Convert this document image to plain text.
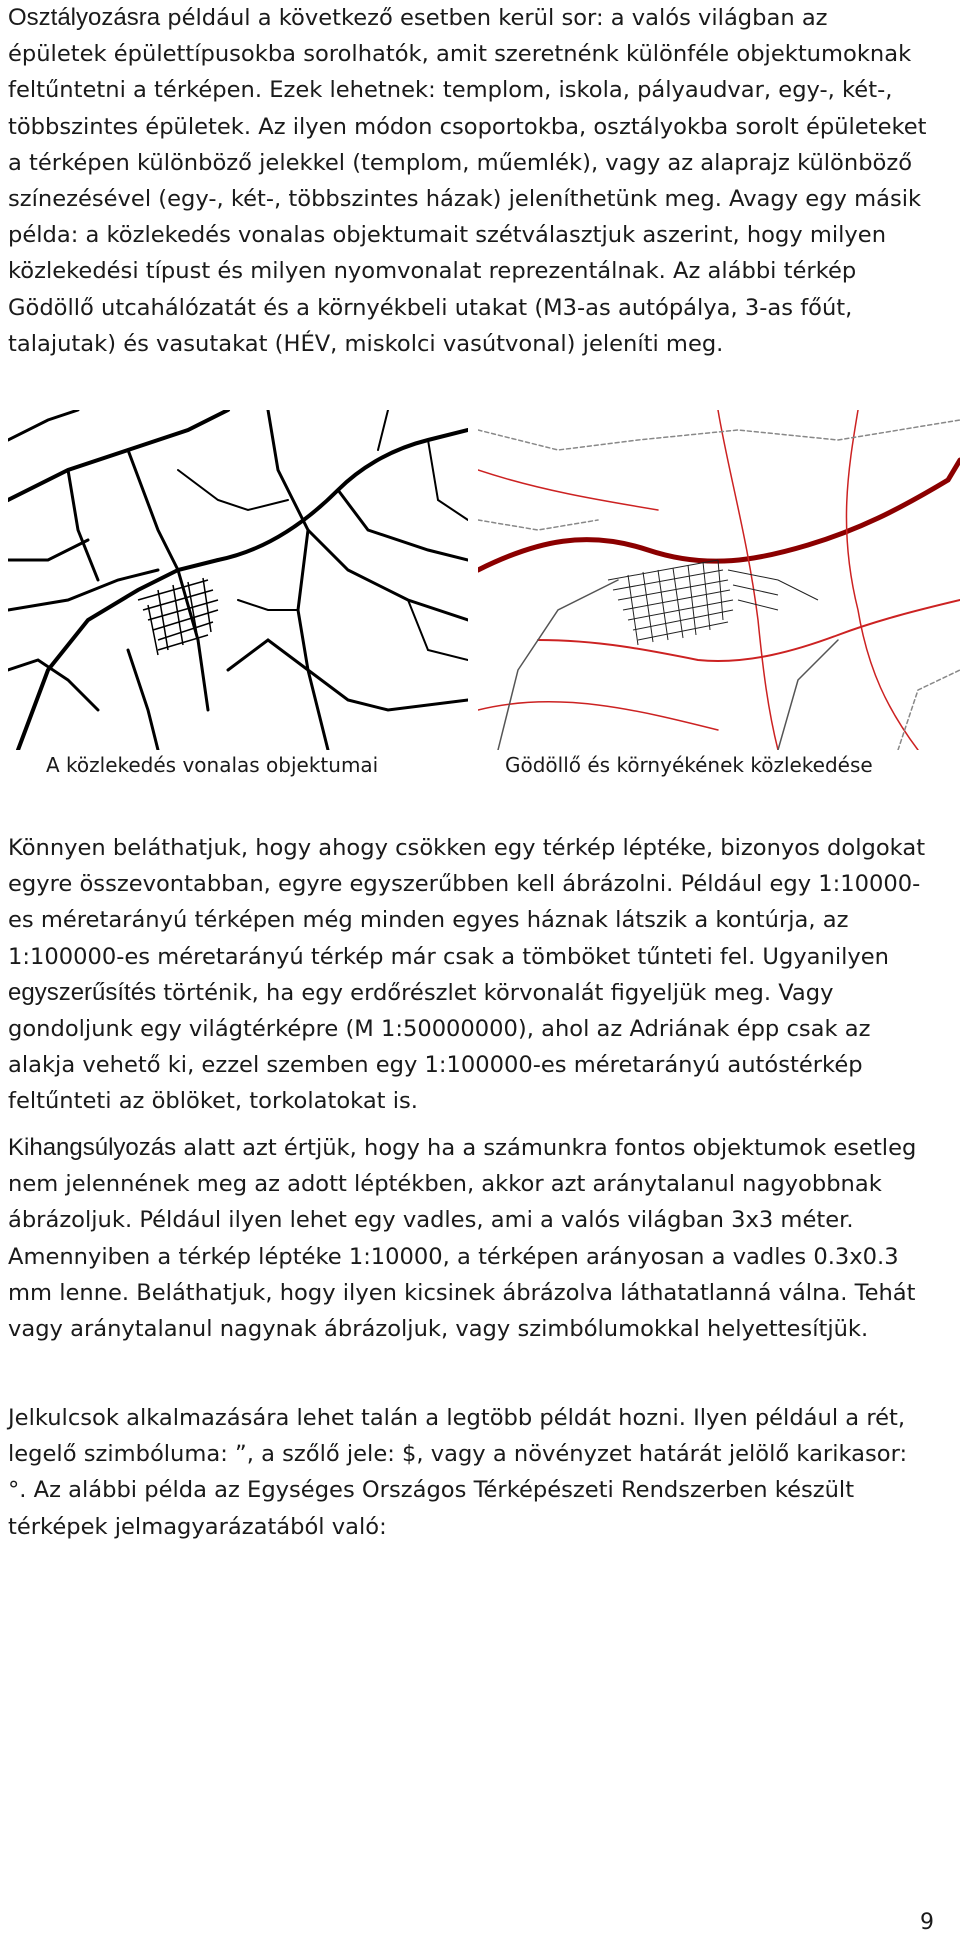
Osztályozásra például a következő esetben kerül sor: a valós világban az épületek épülettípusokba sorolhatók, amit szeretnénk különféle objektumoknak feltűntetni a térképen. Ezek lehetnek: templom, iskola, pályaudvar, egy-, két-, többszintes épületek. Az ilyen módon csoportokba, osztályokba sorolt épületeket a térképen különböző jelekkel (templom, műemlék), vagy az alaprajz különböző színezésével (egy-, két-, többszintes házak) jeleníthetünk meg. Avagy egy másik példa: a közlekedés vonalas objektumait szétválasztjuk aszerint, hogy milyen közlekedési típust és milyen nyomvonalat reprezentálnak. Az alábbi térkép Gödöllő utcahálózatát és a környékbeli utakat (M3-as autópálya, 3-as főút, talajutak) és vasutakat (HÉV, miskolci vasútvonal) jeleníti meg.

A közlekedés vonalas objektumai	Gödöllő és környékének közlekedése

Könnyen beláthatjuk, hogy ahogy csökken egy térkép léptéke, bizonyos dolgokat egyre összevontabban, egyre egyszerűbben kell ábrázolni. Például egy 1:10000-es méretarányú térképen még minden egyes háznak látszik a kontúrja, az 1:100000-es méretarányú térkép már csak a tömböket tűnteti fel. Ugyanilyen egyszerűsítés történik, ha egy erdőrészlet körvonalát figyeljük meg. Vagy gondoljunk egy világtérképre (M 1:50000000), ahol az Adriának épp csak az alakja vehető ki, ezzel szemben egy 1:100000-es méretarányú autóstérkép feltűnteti az öblöket, torkolatokat is.

Kihangsúlyozás alatt azt értjük, hogy ha a számunkra fontos objektumok esetleg nem jelennének meg az adott léptékben, akkor azt aránytalanul nagyobbnak ábrázoljuk. Például ilyen lehet egy vadles, ami a valós világban 3x3 méter. Amennyiben a térkép léptéke 1:10000, a térképen arányosan a vadles 0.3x0.3 mm lenne. Beláthatjuk, hogy ilyen kicsinek ábrázolva láthatatlanná válna. Tehát vagy aránytalanul nagynak ábrázoljuk, vagy szimbólumokkal helyettesítjük.

Jelkulcsok alkalmazására lehet talán a legtöbb példát hozni. Ilyen például a rét, legelő szimbóluma: ˮ, a szőlő jele: $, vagy a növényzet határát jelölő karikasor: °. Az alábbi példa az Egységes Országos Térképészeti Rendszerben készült térképek jelmagyarázatából való:

9
